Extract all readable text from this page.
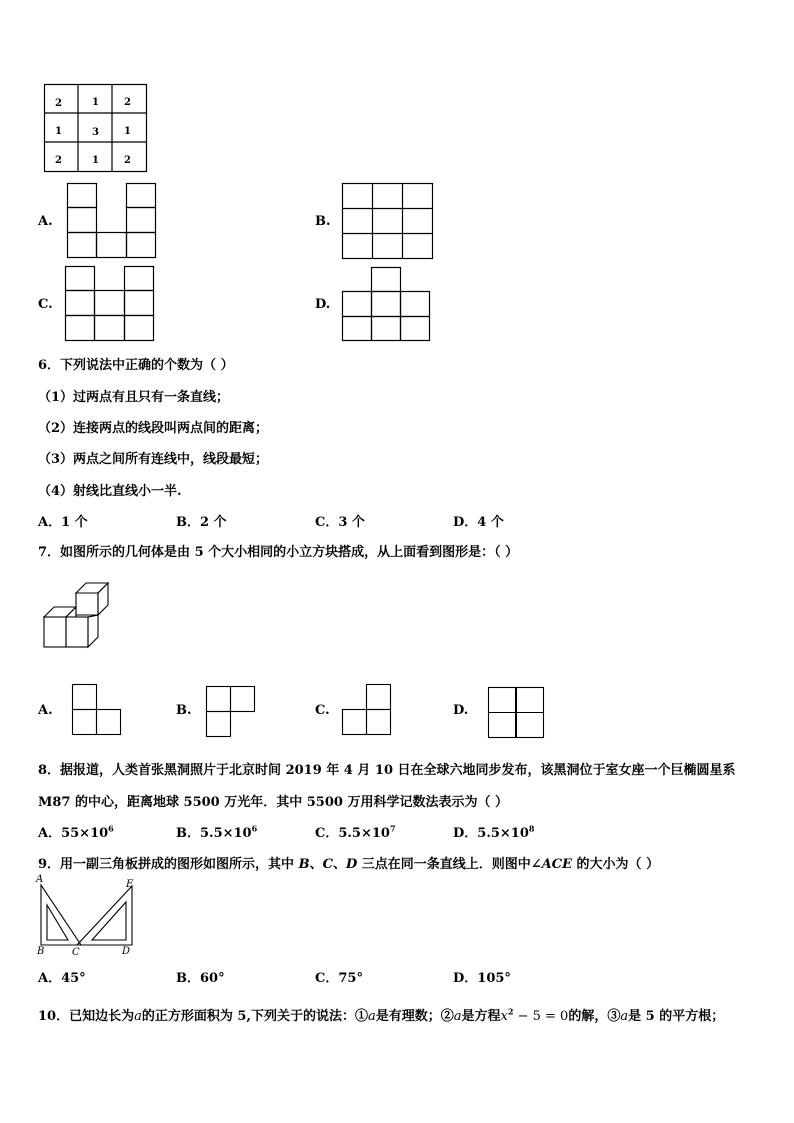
2	1	2
1	3	1
2	1	2
A.	B.
C.	D.
6．下列说法中正确的个数为（ ）
（1）过两点有且只有一条直线；
（2）连接两点的线段叫两点间的距离；
（3）两点之间所有连线中，线段最短；
（4）射线比直线小一半.
A．1 个	B．2 个	C．3 个	D．4 个
7．如图所示的几何体是由 5 个大小相同的小立方块搭成，从上面看到图形是：（ ）
A.	B.	C.	D.
8．据报道，人类首张黑洞照片于北京时间 2019 年 4 月 10 日在全球六地同步发布，该黑洞位于室女座一个巨椭圆星系
M87 的中心，距离地球 5500 万光年．其中 5500 万用科学记数法表示为（ ）
A．$55\times 10^6$	B．$5.5\times 10^6$	C．$5.5\times 10^7$	D．$5.5\times 10^8$
9．用一副三角板拼成的图形如图所示，其中 B、C、D 三点在同一条直线上．则图中∠ACE 的大小为（ ）
A	E
B	C	D
A．45°	B．60°	C．75°	D．105°
10．已知边长为a的正方形面积为 5,下列关于的说法：①a是有理数；②a是方程$x^2 - 5 = 0$的解，③a是 5 的平方根；
